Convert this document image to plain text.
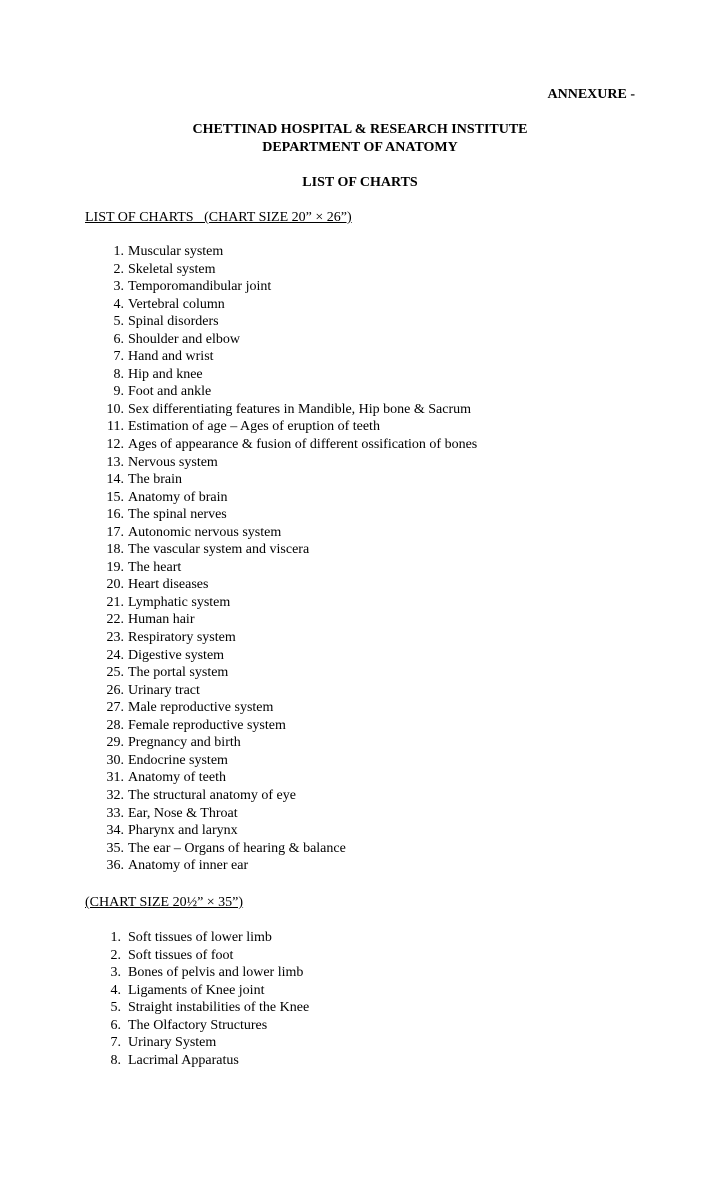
ANNEXURE -
CHETTINAD HOSPITAL & RESEARCH INSTITUTE
DEPARTMENT OF ANATOMY
LIST OF CHARTS
LIST OF CHARTS   (CHART SIZE 20” × 26”)
1. Muscular system
2. Skeletal system
3. Temporomandibular joint
4. Vertebral column
5. Spinal disorders
6. Shoulder and elbow
7. Hand and wrist
8. Hip and knee
9. Foot and ankle
10. Sex differentiating features in Mandible, Hip bone & Sacrum
11. Estimation of age – Ages of eruption of teeth
12. Ages of appearance & fusion of different ossification of bones
13. Nervous system
14. The brain
15. Anatomy of brain
16. The spinal nerves
17. Autonomic nervous system
18. The vascular system and viscera
19. The heart
20. Heart diseases
21. Lymphatic system
22. Human hair
23. Respiratory system
24. Digestive system
25. The portal system
26. Urinary tract
27. Male reproductive system
28. Female reproductive system
29. Pregnancy and birth
30. Endocrine system
31. Anatomy of teeth
32. The structural anatomy of eye
33. Ear, Nose & Throat
34. Pharynx and larynx
35. The ear – Organs of hearing & balance
36. Anatomy of inner ear
(CHART SIZE 20½” × 35”)
1. Soft tissues of lower limb
2. Soft tissues of foot
3. Bones of pelvis and lower limb
4. Ligaments of Knee joint
5. Straight instabilities of the Knee
6. The Olfactory Structures
7. Urinary System
8. Lacrimal Apparatus
